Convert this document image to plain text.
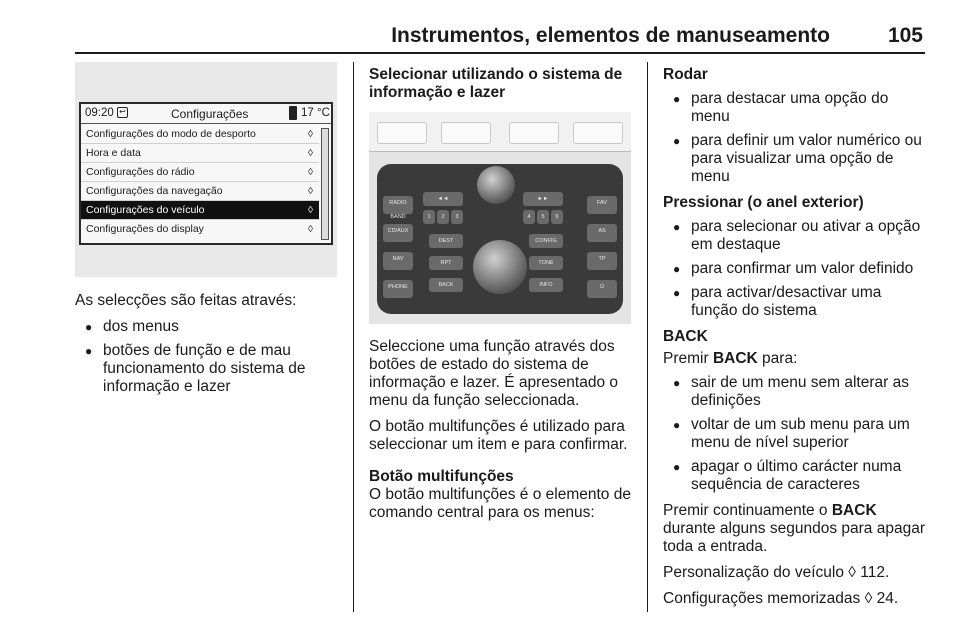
Instrumentos, elementos de manuseamento	105
09:20 ↩	Configurações	17 °C
Configurações do modo de desporto	◊
Hora e data	◊
Configurações do rádio	◊
Configurações da navegação	◊
Configurações do veículo	◊
Configurações do display	◊

As selecções são feitas através:

● dos menus
● botões de função e de mau funcionamento do sistema de informação e lazer

Selecionar utilizando o sistema de informação e lazer

RADIO BAND
CD/AUX
NAV
PHONE
◄◄
1	2	3
DEST
RPT
BACK
►►
4	5	6
CONFIG
TONE
INFO
FAV
AS
TP
⏻

Seleccione uma função através dos botões de estado do sistema de informação e lazer. É apresentado o menu da função seleccionada.

O botão multifunções é utilizado para seleccionar um item e para confirmar.

Botão multifunções

O botão multifunções é o elemento de comando central para os menus:

Rodar

● para destacar uma opção do menu
● para definir um valor numérico ou para visualizar uma opção de menu

Pressionar (o anel exterior)

● para selecionar ou ativar a opção em destaque
● para confirmar um valor definido
● para activar/desactivar uma função do sistema

BACK

Premir BACK para:

● sair de um menu sem alterar as definições
● voltar de um sub menu para um menu de nível superior
● apagar o último carácter numa sequência de caracteres

Premir continuamente o BACK durante alguns segundos para apagar toda a entrada.

Personalização do veículo ◊ 112.

Configurações memorizadas ◊ 24.
